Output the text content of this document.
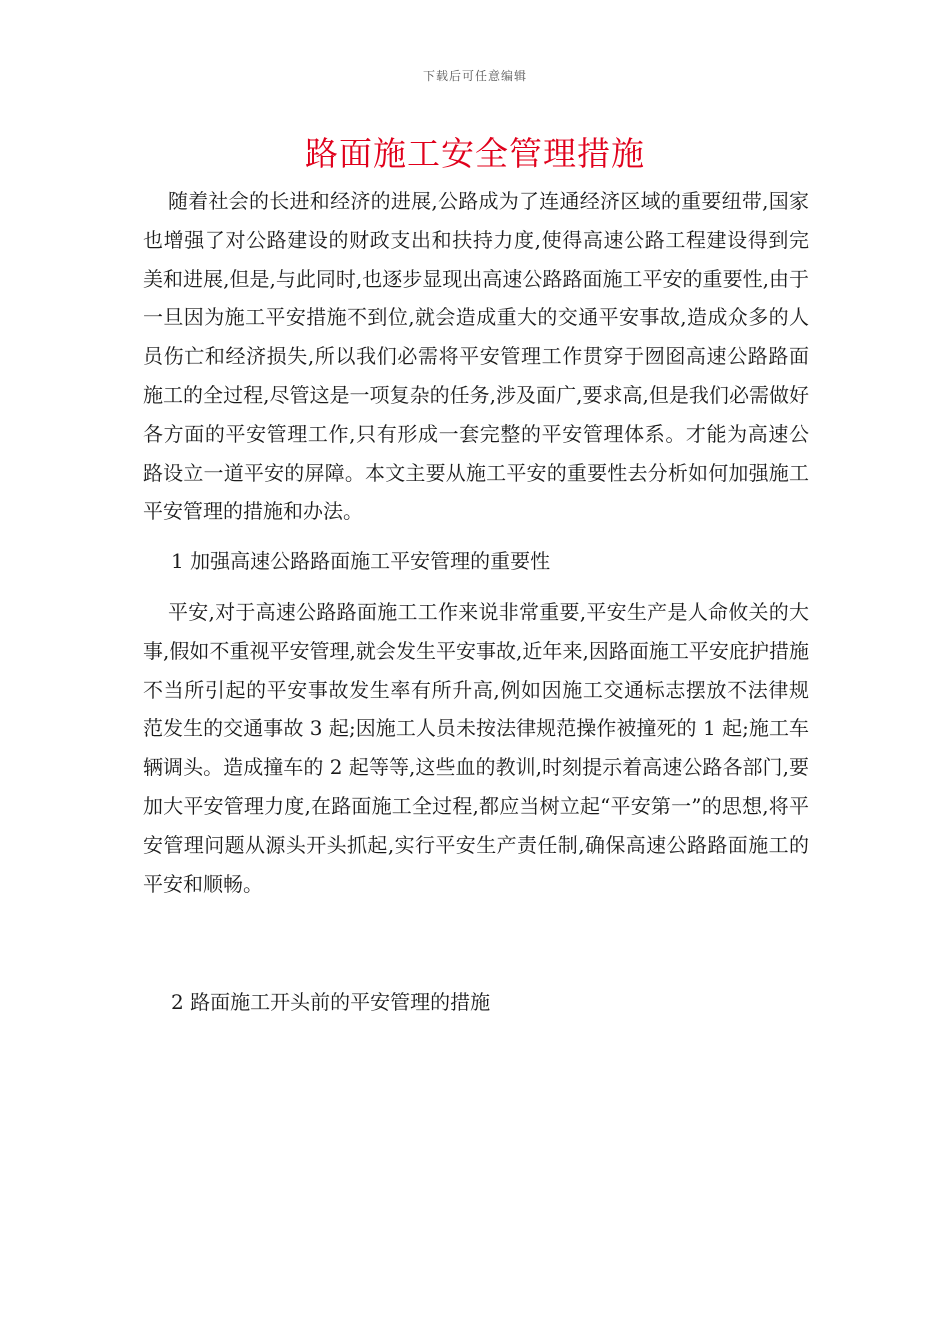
下载后可任意编辑
路面施工安全管理措施

随着社会的长进和经济的进展,公路成为了连通经济区域的重要纽带,国家也增强了对公路建设的财政支出和扶持力度,使得高速公路工程建设得到完美和进展,但是,与此同时,也逐步显现出高速公路路面施工平安的重要性,由于一旦因为施工平安措施不到位,就会造成重大的交通平安事故,造成众多的人员伤亡和经济损失,所以我们必需将平安管理工作贯穿于囫囵高速公路路面施工的全过程,尽管这是一项复杂的任务,涉及面广,要求高,但是我们必需做好各方面的平安管理工作,只有形成一套完整的平安管理体系。才能为高速公路设立一道平安的屏障。本文主要从施工平安的重要性去分析如何加强施工平安管理的措施和办法。

1 加强高速公路路面施工平安管理的重要性

平安,对于高速公路路面施工工作来说非常重要,平安生产是人命攸关的大事,假如不重视平安管理,就会发生平安事故,近年来,因路面施工平安庇护措施不当所引起的平安事故发生率有所升高,例如因施工交通标志摆放不法律规范发生的交通事故 3 起;因施工人员未按法律规范操作被撞死的 1 起;施工车辆调头。造成撞车的 2 起等等,这些血的教训,时刻提示着高速公路各部门,要加大平安管理力度,在路面施工全过程,都应当树立起“平安第一”的思想,将平安管理问题从源头开头抓起,实行平安生产责任制,确保高速公路路面施工的平安和顺畅。

2 路面施工开头前的平安管理的措施
